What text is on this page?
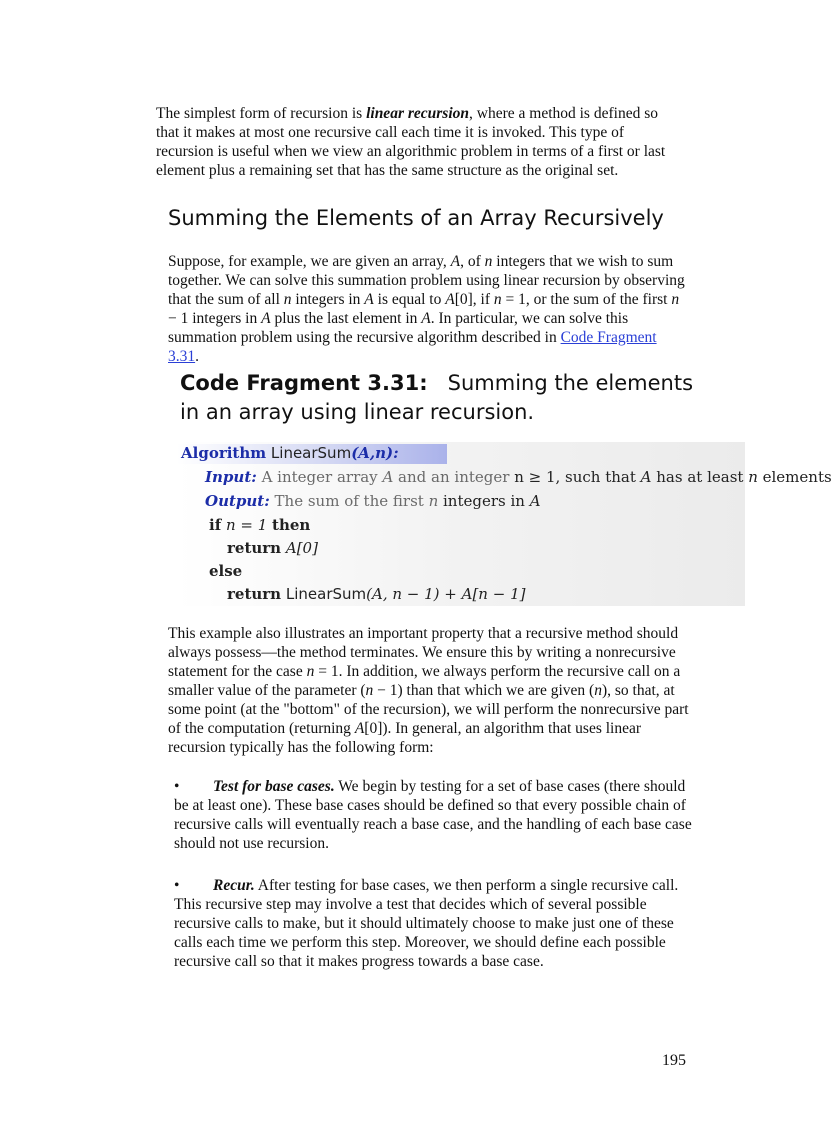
The simplest form of recursion is linear recursion, where a method is defined so that it makes at most one recursive call each time it is invoked. This type of recursion is useful when we view an algorithmic problem in terms of a first or last element plus a remaining set that has the same structure as the original set.

Summing the Elements of an Array Recursively

Suppose, for example, we are given an array, A, of n integers that we wish to sum together. We can solve this summation problem using linear recursion by observing that the sum of all n integers in A is equal to A[0], if n = 1, or the sum of the first n − 1 integers in A plus the last element in A. In particular, we can solve this summation problem using the recursive algorithm described in Code Fragment 3.31.

Code Fragment 3.31: Summing the elements in an array using linear recursion.

Algorithm LinearSum(A,n):
Input: A integer array A and an integer n ≥ 1, such that A has at least n elements
Output: The sum of the first n integers in A
if n = 1 then
return A[0]
else
return LinearSum(A, n − 1) + A[n − 1]

This example also illustrates an important property that a recursive method should always possess—the method terminates. We ensure this by writing a nonrecursive statement for the case n = 1. In addition, we always perform the recursive call on a smaller value of the parameter (n − 1) than that which we are given (n), so that, at some point (at the "bottom" of the recursion), we will perform the nonrecursive part of the computation (returning A[0]). In general, an algorithm that uses linear recursion typically has the following form:

• Test for base cases. We begin by testing for a set of base cases (there should be at least one). These base cases should be defined so that every possible chain of recursive calls will eventually reach a base case, and the handling of each base case should not use recursion.

• Recur. After testing for base cases, we then perform a single recursive call. This recursive step may involve a test that decides which of several possible recursive calls to make, but it should ultimately choose to make just one of these calls each time we perform this step. Moreover, we should define each possible recursive call so that it makes progress towards a base case.

195
